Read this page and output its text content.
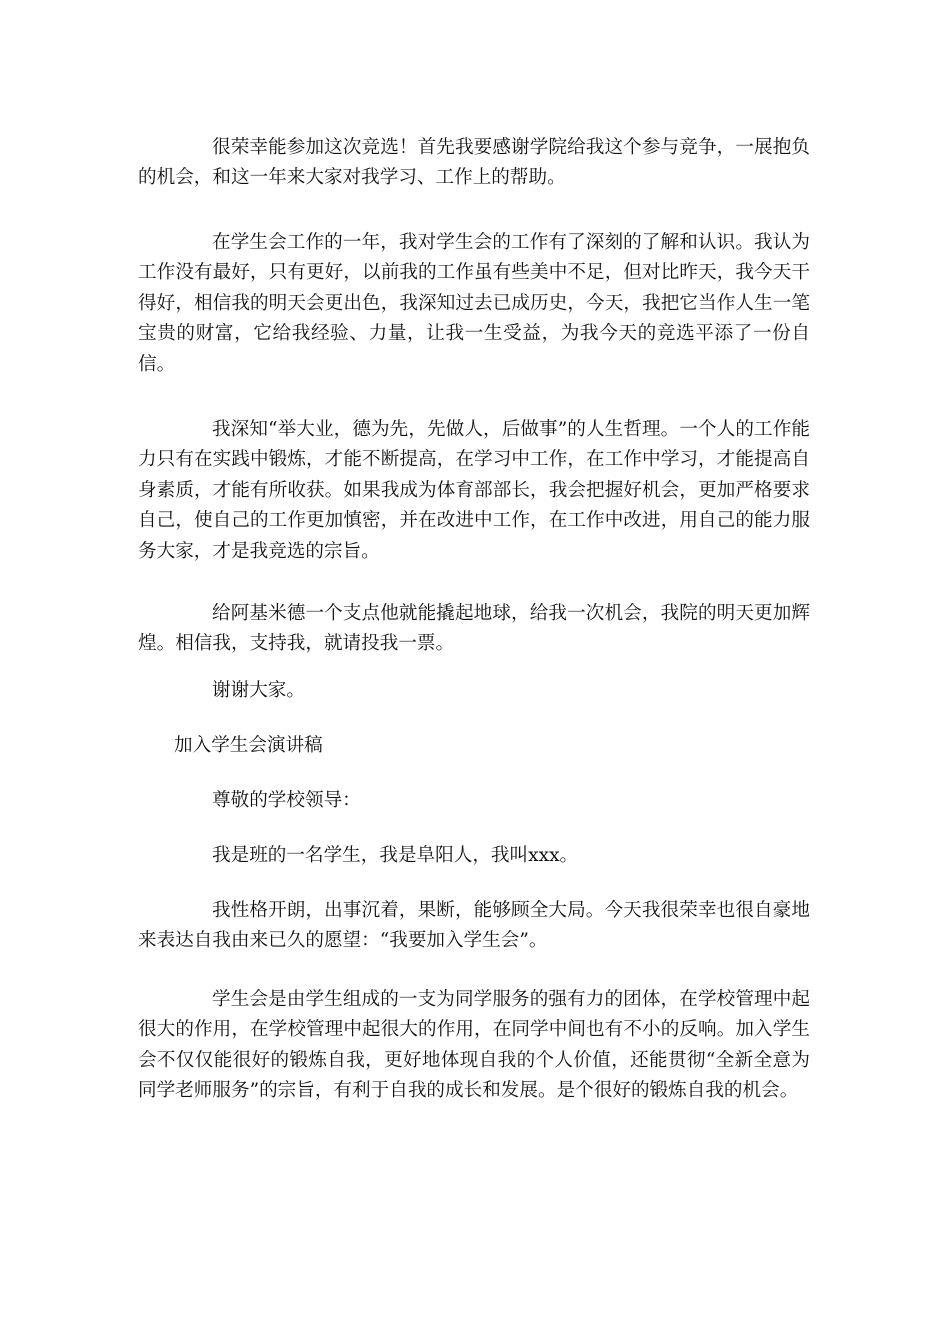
很荣幸能参加这次竞选！首先我要感谢学院给我这个参与竞争，一展抱负的机会，和这一年来大家对我学习、工作上的帮助。

在学生会工作的一年，我对学生会的工作有了深刻的了解和认识。我认为工作没有最好，只有更好，以前我的工作虽有些美中不足，但对比昨天，我今天干得好，相信我的明天会更出色，我深知过去已成历史，今天，我把它当作人生一笔宝贵的财富，它给我经验、力量，让我一生受益，为我今天的竞选平添了一份自信。

我深知“举大业，德为先，先做人，后做事”的人生哲理。一个人的工作能力只有在实践中锻炼，才能不断提高，在学习中工作，在工作中学习，才能提高自身素质，才能有所收获。如果我成为体育部部长，我会把握好机会，更加严格要求自己，使自己的工作更加慎密，并在改进中工作，在工作中改进，用自己的能力服务大家，才是我竞选的宗旨。

给阿基米德一个支点他就能撬起地球，给我一次机会，我院的明天更加辉煌。相信我，支持我，就请投我一票。

谢谢大家。

加入学生会演讲稿

尊敬的学校领导：

我是班的一名学生，我是阜阳人，我叫xxx。

我性格开朗，出事沉着，果断，能够顾全大局。今天我很荣幸也很自豪地来表达自我由来已久的愿望：“我要加入学生会”。

学生会是由学生组成的一支为同学服务的强有力的团体，在学校管理中起很大的作用，在学校管理中起很大的作用，在同学中间也有不小的反响。加入学生会不仅仅能很好的锻炼自我，更好地体现自我的个人价值，还能贯彻“全新全意为同学老师服务”的宗旨，有利于自我的成长和发展。是个很好的锻炼自我的机会。
